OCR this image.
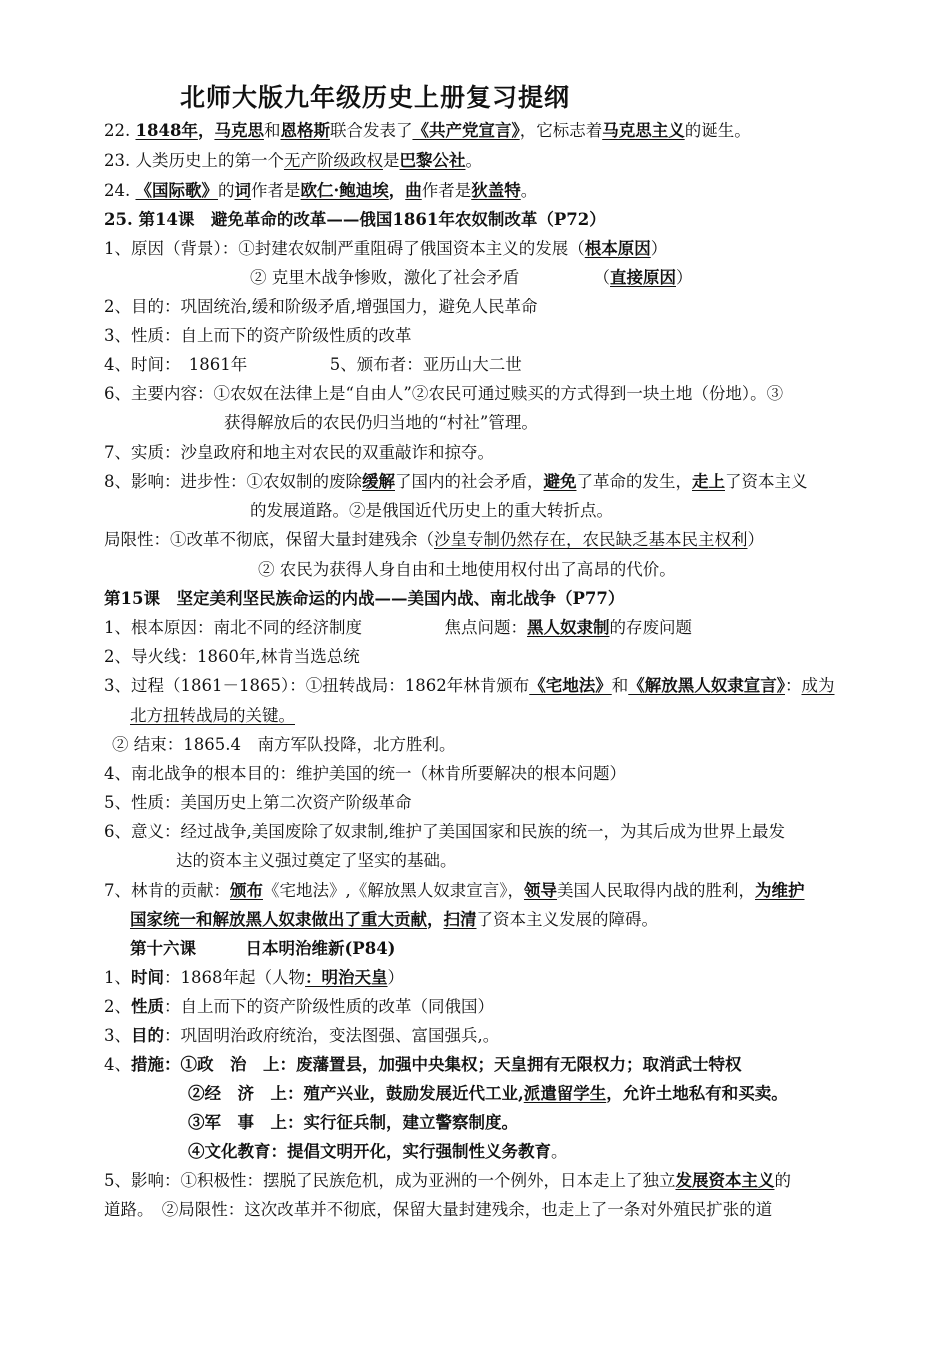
北师大版九年级历史上册复习提纲
22. 1848年，马克思和恩格斯联合发表了《共产党宣言》，它标志着马克思主义的诞生。
23. 人类历史上的第一个无产阶级政权是巴黎公社。
24. 《国际歌》的词作者是欧仁·鲍迪埃，曲作者是狄盖特。
25. 第14课　避免革命的改革——俄国1861年农奴制改革（P72）
1、原因（背景）：①封建农奴制严重阻碍了俄国资本主义的发展（根本原因）
② 克里木战争惨败，激化了社会矛盾　　　　　（直接原因）
2、目的：巩固统治,缓和阶级矛盾,增强国力，避免人民革命
3、性质：自上而下的资产阶级性质的改革
4、时间：　1861年　　　　　5、颁布者：亚历山大二世
6、主要内容：①农奴在法律上是“自由人”②农民可通过赎买的方式得到一块土地（份地）。③
获得解放后的农民仍归当地的“村社”管理。
7、实质：沙皇政府和地主对农民的双重敲诈和掠夺。
8、影响：进步性：①农奴制的废除缓解了国内的社会矛盾，避免了革命的发生，走上了资本主义
的发展道路。②是俄国近代历史上的重大转折点。
局限性：①改革不彻底，保留大量封建残余（沙皇专制仍然存在，农民缺乏基本民主权利）
② 农民为获得人身自由和土地使用权付出了高昂的代价。
第15课　坚定美利坚民族命运的内战——美国内战、南北战争（P77）
1、根本原因：南北不同的经济制度　　　　　焦点问题：黑人奴隶制的存废问题
2、导火线：1860年,林肯当选总统
3、过程（1861－1865）：①扭转战局：1862年林肯颁布《宅地法》和《解放黑人奴隶宣言》：成为
北方扭转战局的关键。
② 结束：1865.4　南方军队投降，北方胜利。
4、南北战争的根本目的：维护美国的统一（林肯所要解决的根本问题）
5、性质：美国历史上第二次资产阶级革命
6、意义：经过战争,美国废除了奴隶制,维护了美国国家和民族的统一，为其后成为世界上最发
达的资本主义强过奠定了坚实的基础。
7、林肯的贡献：颁布《宅地法》,《解放黑人奴隶宣言》，领导美国人民取得内战的胜利，为维护
国家统一和解放黑人奴隶做出了重大贡献，扫清了资本主义发展的障碍。
第十六课　　　日本明治维新(P84)
1、时间：1868年起（人物：明治天皇）
2、性质：自上而下的资产阶级性质的改革（同俄国）
3、目的：巩固明治政府统治，变法图强、富国强兵,。
4、措施：①政　治　上：废藩置县，加强中央集权；天皇拥有无限权力；取消武士特权
②经　济　上：殖产兴业，鼓励发展近代工业,派遣留学生，允许土地私有和买卖。
③军　事　上：实行征兵制，建立警察制度。
④文化教育：提倡文明开化，实行强制性义务教育。
5、影响：①积极性：摆脱了民族危机，成为亚洲的一个例外，日本走上了独立发展资本主义的
道路。　②局限性：这次改革并不彻底，保留大量封建残余，也走上了一条对外殖民扩张的道
